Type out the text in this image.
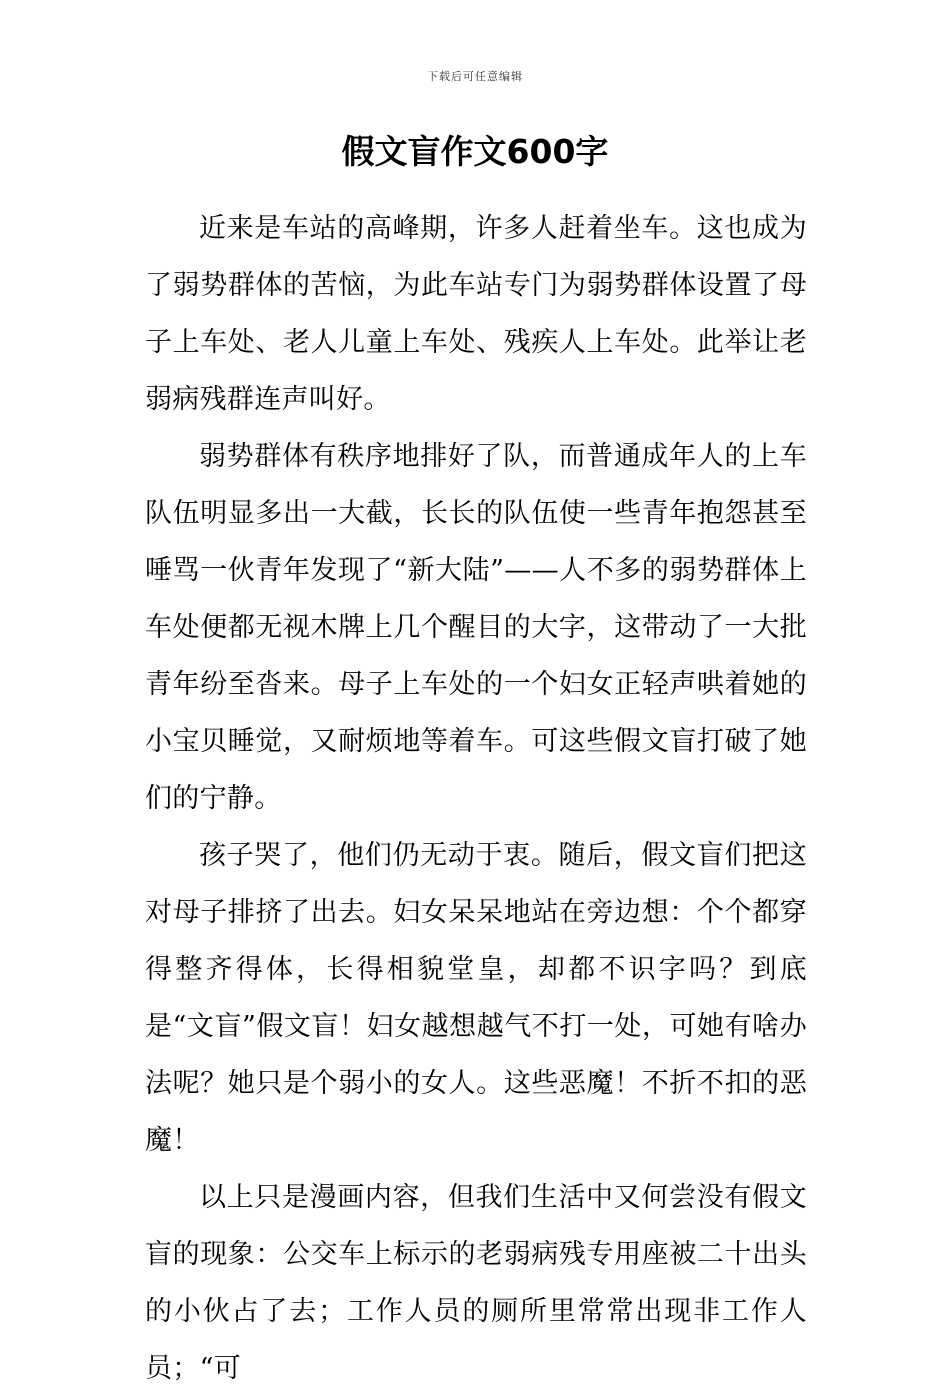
下载后可任意编辑
假文盲作文600字

近来是车站的高峰期，许多人赶着坐车。这也成为了弱势群体的苦恼，为此车站专门为弱势群体设置了母子上车处、老人儿童上车处、残疾人上车处。此举让老弱病残群连声叫好。

弱势群体有秩序地排好了队，而普通成年人的上车队伍明显多出一大截，长长的队伍使一些青年抱怨甚至唾骂一伙青年发现了“新大陆”——人不多的弱势群体上车处便都无视木牌上几个醒目的大字，这带动了一大批青年纷至沓来。母子上车处的一个妇女正轻声哄着她的小宝贝睡觉，又耐烦地等着车。可这些假文盲打破了她们的宁静。

孩子哭了，他们仍无动于衷。随后，假文盲们把这对母子排挤了出去。妇女呆呆地站在旁边想：个个都穿得整齐得体，长得相貌堂皇，却都不识字吗？到底是“文盲”假文盲！妇女越想越气不打一处，可她有啥办法呢？她只是个弱小的女人。这些恶魔！不折不扣的恶魔！

以上只是漫画内容，但我们生活中又何尝没有假文盲的现象：公交车上标示的老弱病残专用座被二十出头的小伙占了去；工作人员的厕所里常常出现非工作人员；“可
